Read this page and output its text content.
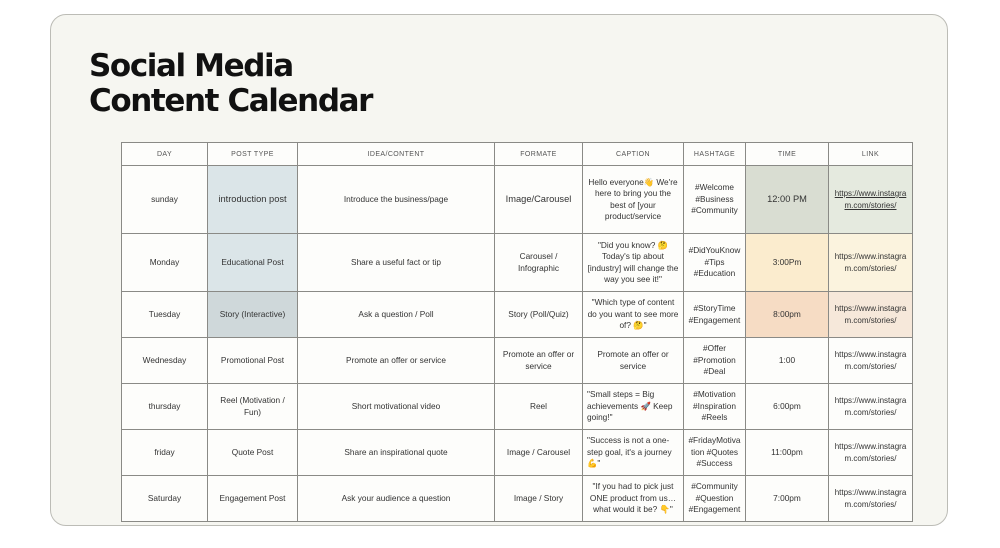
Social Media
Content Calendar
DAY	POST TYPE	IDEA/CONTENT	FORMATE	CAPTION	HASHTAGE	TIME	LINK
sunday	introduction post	Introduce the business/page	Image/Carousel	Hello everyone👋 We're here to bring you the best of [your product/service	#Welcome #Business #Community	12:00 PM	https://www.instagram.com/stories/
Monday	Educational Post	Share a useful fact or tip	Carousel / Infographic	"Did you know? 🤔 Today's tip about [industry] will change the way you see it!"	#DidYouKnow #Tips #Education	3:00Pm	https://www.instagram.com/stories/
Tuesday	Story (Interactive)	Ask a question / Poll	Story (Poll/Quiz)	"Which type of content do you want to see more of? 🤔"	#StoryTime #Engagement	8:00pm	https://www.instagram.com/stories/
Wednesday	Promotional Post	Promote an offer or service	Promote an offer or service	Promote an offer or service	#Offer #Promotion #Deal	1:00	https://www.instagram.com/stories/
thursday	Reel (Motivation / Fun)	Short motivational video	Reel	"Small steps = Big achievements 🚀 Keep going!"	#Motivation #Inspiration #Reels	6:00pm	https://www.instagram.com/stories/
friday	Quote Post	Share an inspirational quote	Image / Carousel	"Success is not a one-step goal, it's a journey 💪"	#FridayMotivation #Quotes #Success	11:00pm	https://www.instagram.com/stories/
Saturday	Engagement Post	Ask your audience a question	Image / Story	"If you had to pick just ONE product from us… what would it be? 👇"	#Community #Question #Engagement	7:00pm	https://www.instagram.com/stories/
